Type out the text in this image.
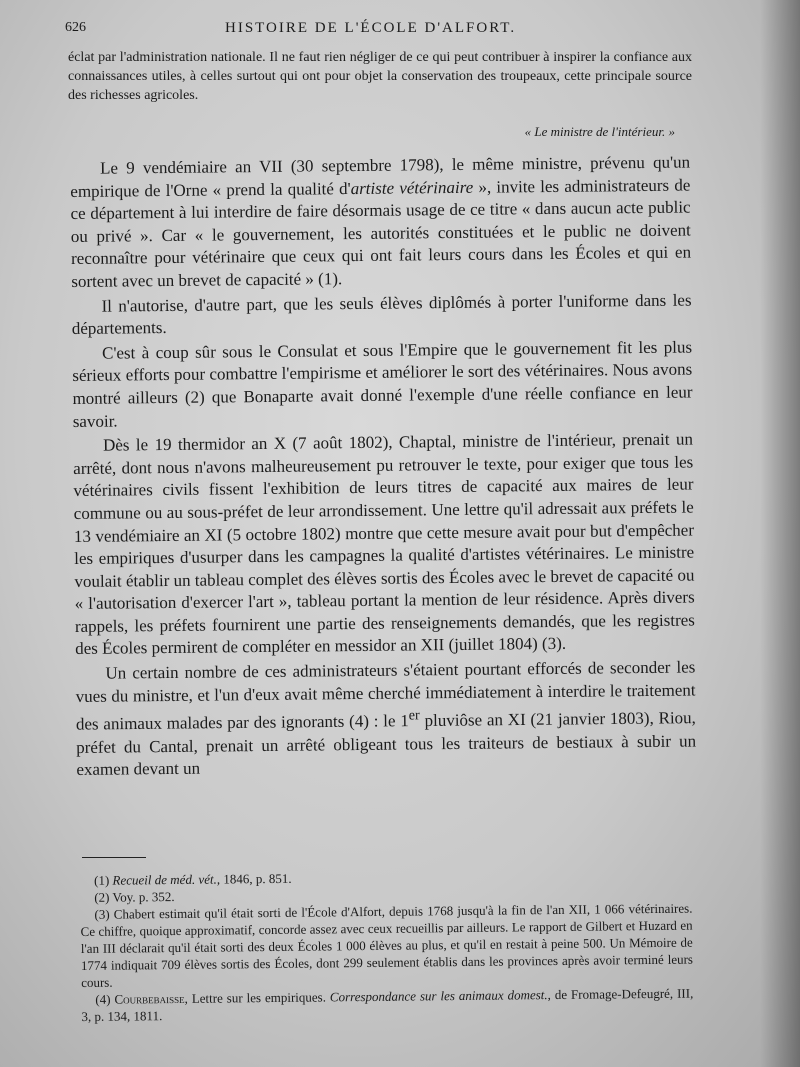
626	HISTOIRE DE L'ÉCOLE D'ALFORT.
éclat par l'administration nationale. Il ne faut rien négliger de ce qui peut contribuer à inspirer la confiance aux connaissances utiles, à celles surtout qui ont pour objet la conservation des troupeaux, cette principale source des richesses agricoles.
« Le ministre de l'intérieur. »

Le 9 vendémiaire an VII (30 septembre 1798), le même ministre, prévenu qu'un empirique de l'Orne « prend la qualité d'artiste vétérinaire », invite les administrateurs de ce département à lui interdire de faire désormais usage de ce titre « dans aucun acte public ou privé ». Car « le gouvernement, les autorités constituées et le public ne doivent reconnaître pour vétérinaire que ceux qui ont fait leurs cours dans les Écoles et qui en sortent avec un brevet de capacité » (1).

Il n'autorise, d'autre part, que les seuls élèves diplômés à porter l'uniforme dans les départements.

C'est à coup sûr sous le Consulat et sous l'Empire que le gouvernement fit les plus sérieux efforts pour combattre l'empirisme et améliorer le sort des vétérinaires. Nous avons montré ailleurs (2) que Bonaparte avait donné l'exemple d'une réelle confiance en leur savoir.

Dès le 19 thermidor an X (7 août 1802), Chaptal, ministre de l'intérieur, prenait un arrêté, dont nous n'avons malheureusement pu retrouver le texte, pour exiger que tous les vétérinaires civils fissent l'exhibition de leurs titres de capacité aux maires de leur commune ou au sous-préfet de leur arrondissement. Une lettre qu'il adressait aux préfets le 13 vendémiaire an XI (5 octobre 1802) montre que cette mesure avait pour but d'empêcher les empiriques d'usurper dans les campagnes la qualité d'artistes vétérinaires. Le ministre voulait établir un tableau complet des élèves sortis des Écoles avec le brevet de capacité ou « l'autorisation d'exercer l'art », tableau portant la mention de leur résidence. Après divers rappels, les préfets fournirent une partie des renseignements demandés, que les registres des Écoles permirent de compléter en messidor an XII (juillet 1804) (3).

Un certain nombre de ces administrateurs s'étaient pourtant efforcés de seconder les vues du ministre, et l'un d'eux avait même cherché immédiatement à interdire le traitement des animaux malades par des ignorants (4) : le 1er pluviôse an XI (21 janvier 1803), Riou, préfet du Cantal, prenait un arrêté obligeant tous les traiteurs de bestiaux à subir un examen devant un

(1) Recueil de méd. vét., 1846, p. 851.

(2) Voy. p. 352.

(3) Chabert estimait qu'il était sorti de l'École d'Alfort, depuis 1768 jusqu'à la fin de l'an XII, 1 066 vétérinaires. Ce chiffre, quoique approximatif, concorde assez avec ceux recueillis par ailleurs. Le rapport de Gilbert et Huzard en l'an III déclarait qu'il était sorti des deux Écoles 1 000 élèves au plus, et qu'il en restait à peine 500. Un Mémoire de 1774 indiquait 709 élèves sortis des Écoles, dont 299 seulement établis dans les provinces après avoir terminé leurs cours.

(4) Courbebaisse, Lettre sur les empiriques. Correspondance sur les animaux domest., de Fromage-Defeugré, III, 3, p. 134, 1811.
